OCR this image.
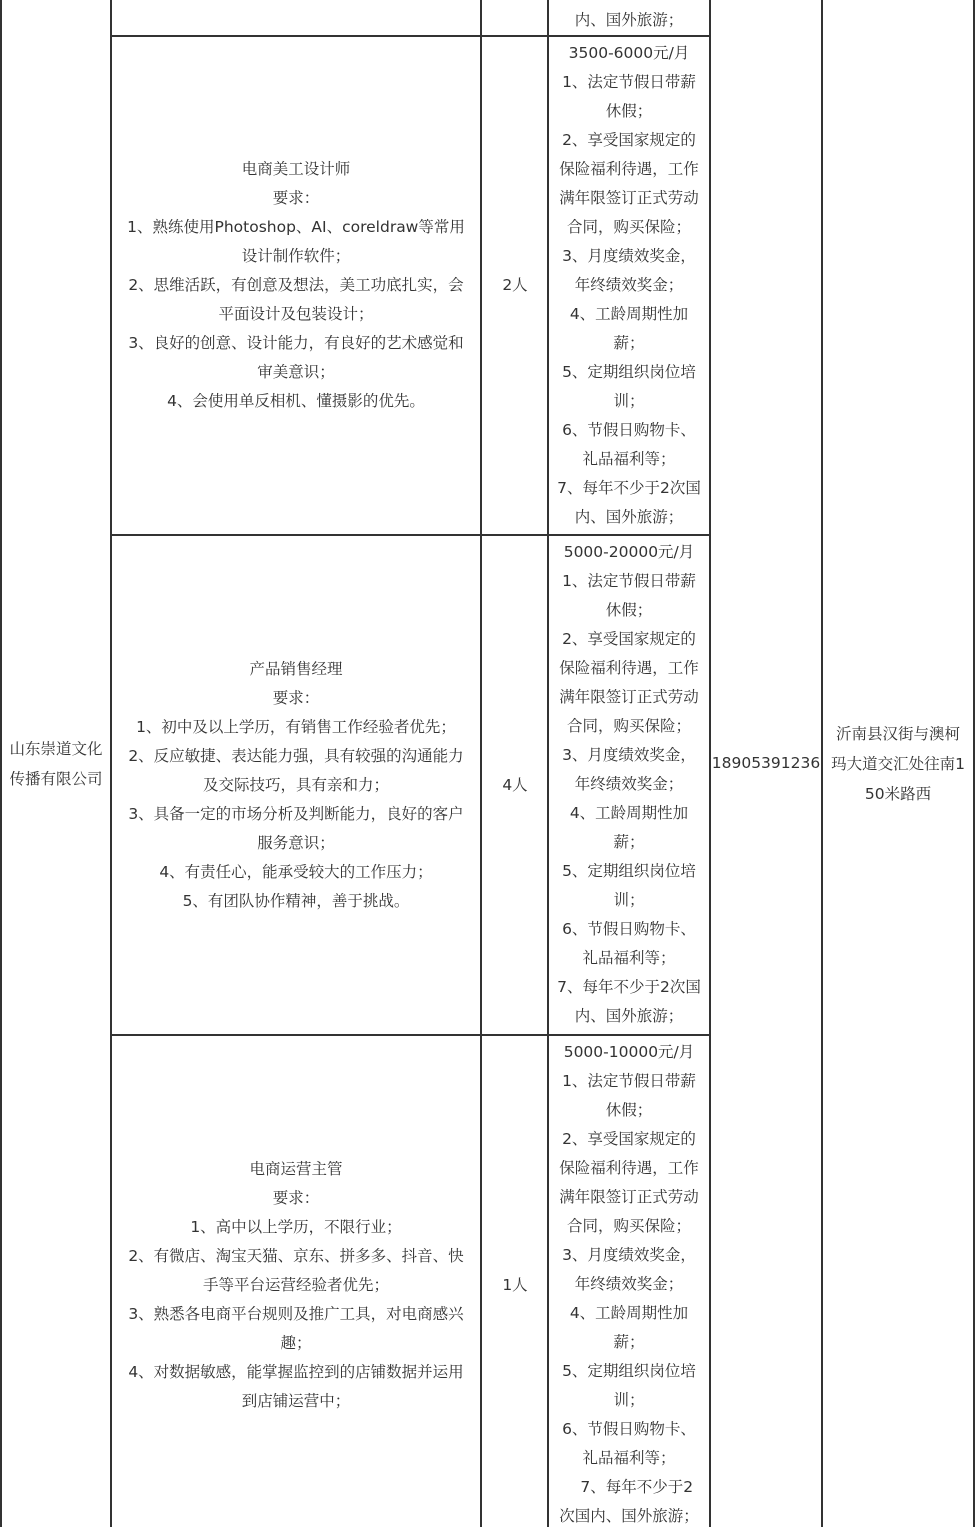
山东崇道文化
传播有限公司
18905391236
沂南县汉街与澳柯
玛大道交汇处往南1
50米路西
内、国外旅游；
电商美工设计师
要求：
1、熟练使用Photoshop、AI、coreldraw等常用
设计制作软件；
2、思维活跃，有创意及想法，美工功底扎实，会
平面设计及包装设计；
3、良好的创意、设计能力，有良好的艺术感觉和
审美意识；
4、会使用单反相机、懂摄影的优先。
2人
3500-6000元/月
1、法定节假日带薪
休假；
2、享受国家规定的
保险福利待遇，工作
满年限签订正式劳动
合同，购买保险；
3、月度绩效奖金，
年终绩效奖金；
4、工龄周期性加
薪；
5、定期组织岗位培
训；
6、节假日购物卡、
礼品福利等；
7、每年不少于2次国
内、国外旅游；
产品销售经理
要求：
1、初中及以上学历，有销售工作经验者优先；
2、反应敏捷、表达能力强，具有较强的沟通能力
及交际技巧，具有亲和力；
3、具备一定的市场分析及判断能力，良好的客户
服务意识；
4、有责任心，能承受较大的工作压力；
5、有团队协作精神，善于挑战。
4人
5000-20000元/月
1、法定节假日带薪
休假；
2、享受国家规定的
保险福利待遇，工作
满年限签订正式劳动
合同，购买保险；
3、月度绩效奖金，
年终绩效奖金；
4、工龄周期性加
薪；
5、定期组织岗位培
训；
6、节假日购物卡、
礼品福利等；
7、每年不少于2次国
内、国外旅游；
电商运营主管
要求：
1、高中以上学历，不限行业；
2、有微店、淘宝天猫、京东、拼多多、抖音、快
手等平台运营经验者优先；
3、熟悉各电商平台规则及推广工具，对电商感兴
趣；
4、对数据敏感，能掌握监控到的店铺数据并运用
到店铺运营中；
1人
5000-10000元/月
1、法定节假日带薪
休假；
2、享受国家规定的
保险福利待遇，工作
满年限签订正式劳动
合同，购买保险；
3、月度绩效奖金，
年终绩效奖金；
4、工龄周期性加
薪；
5、定期组织岗位培
训；
6、节假日购物卡、
礼品福利等；
　7、每年不少于2
次国内、国外旅游；
